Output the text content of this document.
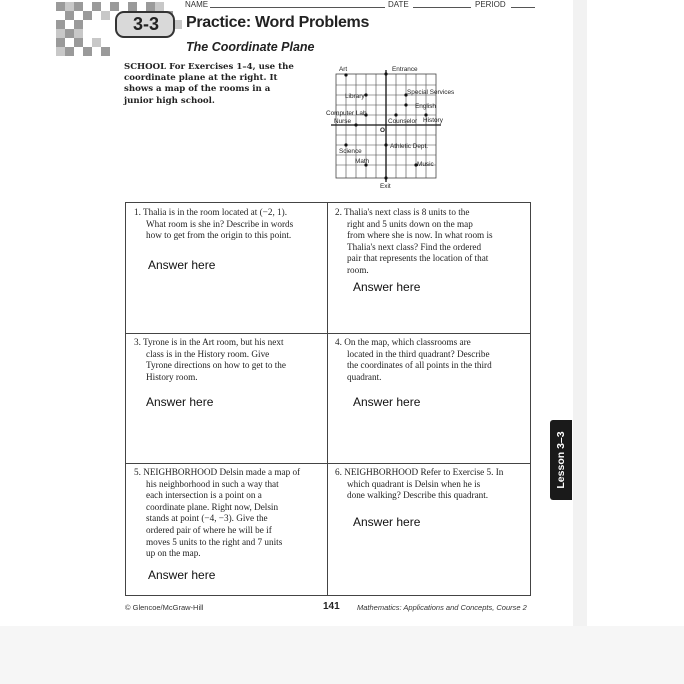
NAME	DATE	PERIOD
3-3	Practice: Word Problems
The Coordinate Plane
SCHOOL For Exercises 1–4, use the
coordinate plane at the right. It
shows a map of the rooms in a
junior high school.
Art	Entrance
Library
Special Services
English
Computer Lab
Nurse	Counselor History
O
Athletic Dept.
Science
Math	Music
Exit
1. Thalia is in the room located at (−2, 1).
What room is she in? Describe in words
how to get from the origin to this point.
Answer here
2. Thalia's next class is 8 units to the
right and 5 units down on the map
from where she is now. In what room is
Thalia's next class? Find the ordered
pair that represents the location of that
room.
Answer here
3. Tyrone is in the Art room, but his next
class is in the History room. Give
Tyrone directions on how to get to the
History room.
Answer here
4. On the map, which classrooms are
located in the third quadrant? Describe
the coordinates of all points in the third
quadrant.
Answer here
5. NEIGHBORHOOD Delsin made a map of
his neighborhood in such a way that
each intersection is a point on a
coordinate plane. Right now, Delsin
stands at point (−4, −3). Give the
ordered pair of where he will be if
moves 5 units to the right and 7 units
up on the map.
Answer here
6. NEIGHBORHOOD Refer to Exercise 5. In
which quadrant is Delsin when he is
done walking? Describe this quadrant.
Answer here
© Glencoe/McGraw-Hill	141 Mathematics: Applications and Concepts, Course 2
Lesson 3–3
